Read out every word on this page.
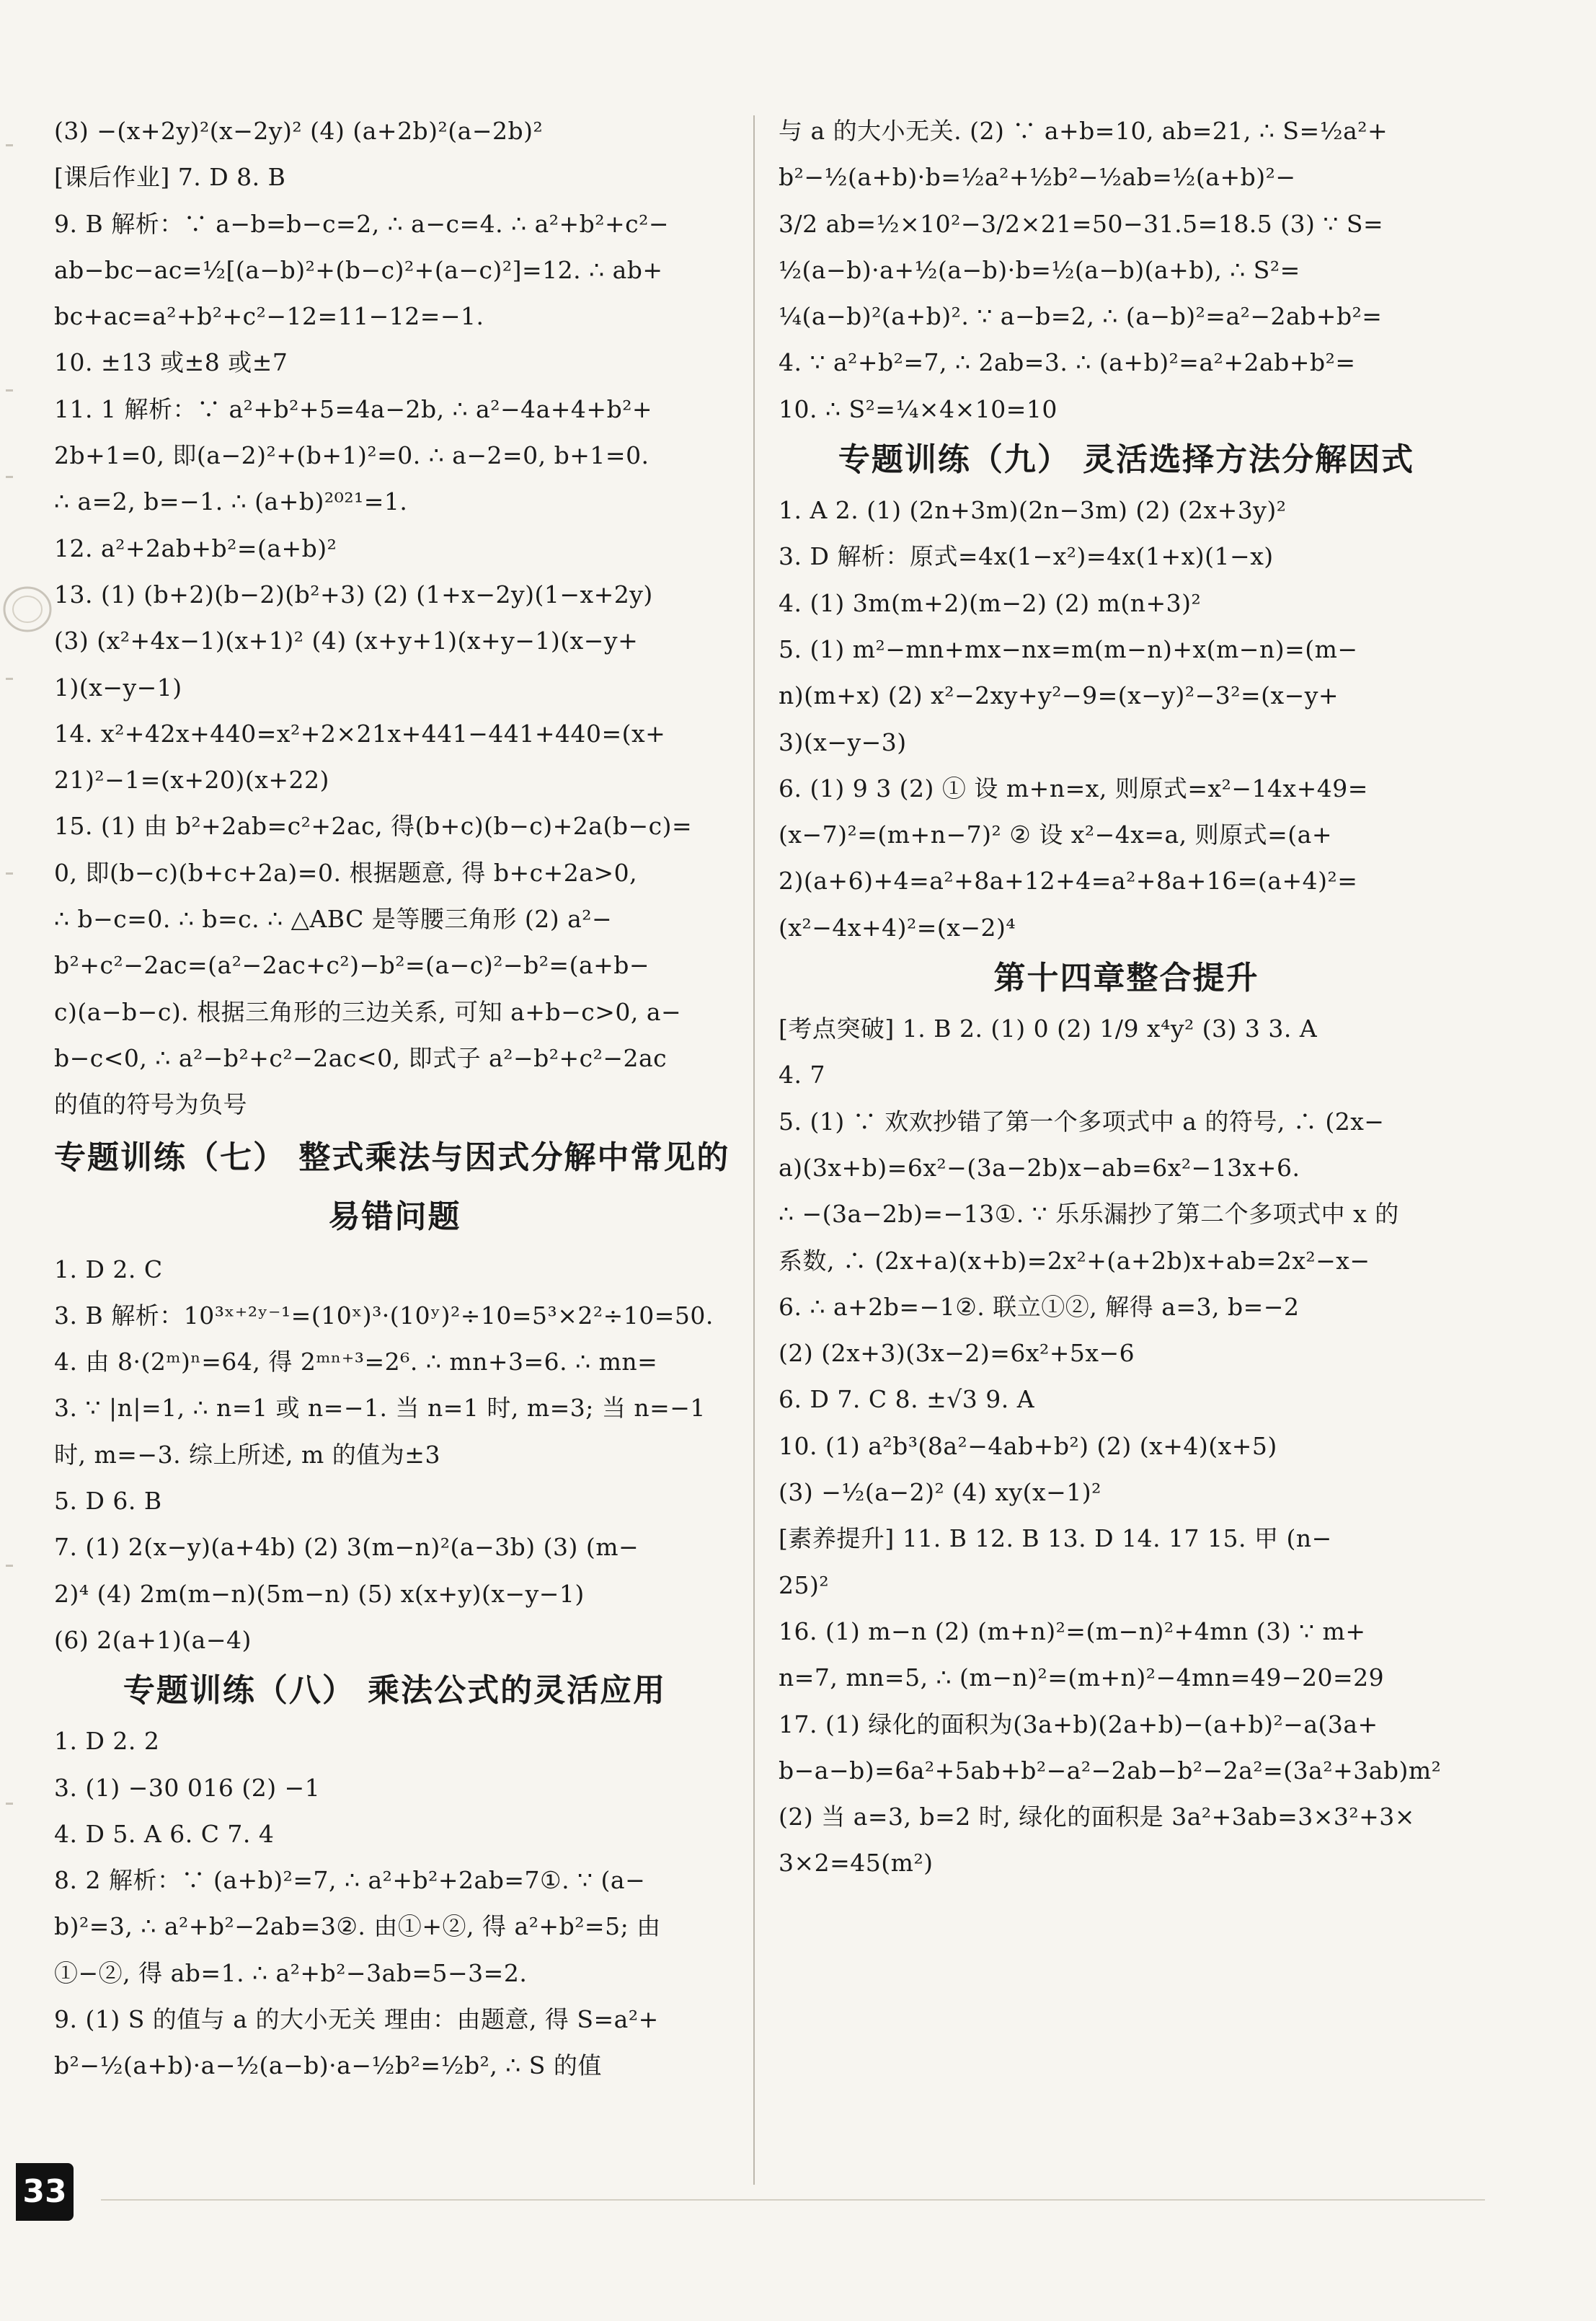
(3) −(x+2y)²(x−2y)² (4) (a+2b)²(a−2b)²
[课后作业] 7. D 8. B
9. B 解析：∵ a−b=b−c=2, ∴ a−c=4. ∴ a²+b²+c²−
ab−bc−ac=½[(a−b)²+(b−c)²+(a−c)²]=12. ∴ ab+
bc+ac=a²+b²+c²−12=11−12=−1.
10. ±13 或±8 或±7
11. 1 解析：∵ a²+b²+5=4a−2b, ∴ a²−4a+4+b²+
2b+1=0, 即(a−2)²+(b+1)²=0. ∴ a−2=0, b+1=0.
∴ a=2, b=−1. ∴ (a+b)²⁰²¹=1.
12. a²+2ab+b²=(a+b)²
13. (1) (b+2)(b−2)(b²+3) (2) (1+x−2y)(1−x+2y)
(3) (x²+4x−1)(x+1)² (4) (x+y+1)(x+y−1)(x−y+
1)(x−y−1)
14. x²+42x+440=x²+2×21x+441−441+440=(x+
21)²−1=(x+20)(x+22)
15. (1) 由 b²+2ab=c²+2ac, 得(b+c)(b−c)+2a(b−c)=
0, 即(b−c)(b+c+2a)=0. 根据题意, 得 b+c+2a>0,
∴ b−c=0. ∴ b=c. ∴ △ABC 是等腰三角形 (2) a²−
b²+c²−2ac=(a²−2ac+c²)−b²=(a−c)²−b²=(a+b−
c)(a−b−c). 根据三角形的三边关系, 可知 a+b−c>0, a−
b−c<0, ∴ a²−b²+c²−2ac<0, 即式子 a²−b²+c²−2ac
的值的符号为负号
专题训练（七） 整式乘法与因式分解中常见的
易错问题
1. D 2. C
3. B 解析：10³ˣ⁺²ʸ⁻¹=(10ˣ)³·(10ʸ)²÷10=5³×2²÷10=50.
4. 由 8·(2ᵐ)ⁿ=64, 得 2ᵐⁿ⁺³=2⁶. ∴ mn+3=6. ∴ mn=
3. ∵ |n|=1, ∴ n=1 或 n=−1. 当 n=1 时, m=3; 当 n=−1
时, m=−3. 综上所述, m 的值为±3
5. D 6. B
7. (1) 2(x−y)(a+4b) (2) 3(m−n)²(a−3b) (3) (m−
2)⁴ (4) 2m(m−n)(5m−n) (5) x(x+y)(x−y−1)
(6) 2(a+1)(a−4)
专题训练（八） 乘法公式的灵活应用
1. D 2. 2
3. (1) −30 016 (2) −1
4. D 5. A 6. C 7. 4
8. 2 解析：∵ (a+b)²=7, ∴ a²+b²+2ab=7①. ∵ (a−
b)²=3, ∴ a²+b²−2ab=3②. 由①+②, 得 a²+b²=5; 由
①−②, 得 ab=1. ∴ a²+b²−3ab=5−3=2.
9. (1) S 的值与 a 的大小无关 理由：由题意, 得 S=a²+
b²−½(a+b)·a−½(a−b)·a−½b²=½b², ∴ S 的值
与 a 的大小无关. (2) ∵ a+b=10, ab=21, ∴ S=½a²+
b²−½(a+b)·b=½a²+½b²−½ab=½(a+b)²−
3/2 ab=½×10²−3/2×21=50−31.5=18.5 (3) ∵ S=
½(a−b)·a+½(a−b)·b=½(a−b)(a+b), ∴ S²=
¼(a−b)²(a+b)². ∵ a−b=2, ∴ (a−b)²=a²−2ab+b²=
4. ∵ a²+b²=7, ∴ 2ab=3. ∴ (a+b)²=a²+2ab+b²=
10. ∴ S²=¼×4×10=10
专题训练（九） 灵活选择方法分解因式
1. A 2. (1) (2n+3m)(2n−3m) (2) (2x+3y)²
3. D 解析：原式=4x(1−x²)=4x(1+x)(1−x)
4. (1) 3m(m+2)(m−2) (2) m(n+3)²
5. (1) m²−mn+mx−nx=m(m−n)+x(m−n)=(m−
n)(m+x) (2) x²−2xy+y²−9=(x−y)²−3²=(x−y+
3)(x−y−3)
6. (1) 9 3 (2) ① 设 m+n=x, 则原式=x²−14x+49=
(x−7)²=(m+n−7)² ② 设 x²−4x=a, 则原式=(a+
2)(a+6)+4=a²+8a+12+4=a²+8a+16=(a+4)²=
(x²−4x+4)²=(x−2)⁴
第十四章整合提升
[考点突破] 1. B 2. (1) 0 (2) 1/9 x⁴y² (3) 3 3. A
4. 7
5. (1) ∵ 欢欢抄错了第一个多项式中 a 的符号, ∴ (2x−
a)(3x+b)=6x²−(3a−2b)x−ab=6x²−13x+6.
∴ −(3a−2b)=−13①. ∵ 乐乐漏抄了第二个多项式中 x 的
系数, ∴ (2x+a)(x+b)=2x²+(a+2b)x+ab=2x²−x−
6. ∴ a+2b=−1②. 联立①②, 解得 a=3, b=−2
(2) (2x+3)(3x−2)=6x²+5x−6
6. D 7. C 8. ±√3 9. A
10. (1) a²b³(8a²−4ab+b²) (2) (x+4)(x+5)
(3) −½(a−2)² (4) xy(x−1)²
[素养提升] 11. B 12. B 13. D 14. 17 15. 甲 (n−
25)²
16. (1) m−n (2) (m+n)²=(m−n)²+4mn (3) ∵ m+
n=7, mn=5, ∴ (m−n)²=(m+n)²−4mn=49−20=29
17. (1) 绿化的面积为(3a+b)(2a+b)−(a+b)²−a(3a+
b−a−b)=6a²+5ab+b²−a²−2ab−b²−2a²=(3a²+3ab)m²
(2) 当 a=3, b=2 时, 绿化的面积是 3a²+3ab=3×3²+3×
3×2=45(m²)
33
